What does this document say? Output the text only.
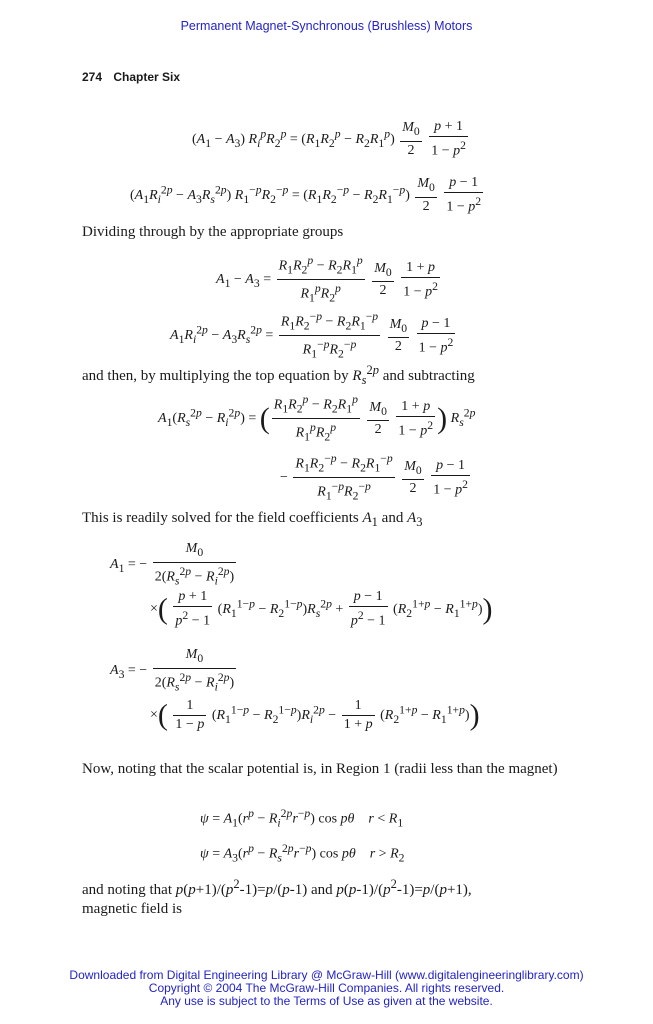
Permanent Magnet-Synchronous (Brushless) Motors
274 Chapter Six
$(A_1 - A_3) R_i^pR_2^p = (R_1R_2^p - R_2R_1^p) \frac{M_0}{2}$
$\frac{p + 1}{1 - p^2}$
$(A_1R_i^{2p} - A_3R_s^{2p}) R_1^{-p}R_2^{-p} = (R_1R_2^{-p} - R_2R_1^{-p}) \frac{M_0}{2}$
$\frac{p - 1}{1 - p^2}$
Dividing through by the appropriate groups
$A_1 - A_3 = \frac{R_1R_2^p - R_2R_1^p}{R_1^pR_2^p}$
$\frac{M_0}{2}$
$\frac{1 + p}{1 - p^2}$
$A_1R_i^{2p} - A_3R_s^{2p} = \frac{R_1R_2^{-p} - R_2R_1^{-p}}{R_1^{-p}R_2^{-p}}$
$\frac{M_0}{2}$
$\frac{p - 1}{1 - p^2}$
and then, by multiplying the top equation by $R_s^{2p}$ and subtracting
$A_1(R_s^{2p} - R_i^{2p})$ = ( $\frac{R_1R_2^p - R_2R_1^p}{R_1^pR_2^p}$
$\frac{M_0}{2}$
$\frac{1 + p}{1 - p^2}$ ) $R_s^{2p}$
− $\frac{R_1R_2^{-p} - R_2R_1^{-p}}{R_1^{-p}R_2^{-p}}$
$\frac{M_0}{2}$
$\frac{p - 1}{1 - p^2}$
This is readily solved for the field coefficients $A_1$ and $A_3$
$A_1$ = − $\frac{M_0}{2(R_s^{2p} - R_i^{2p})}$
×( $\frac{p + 1}{p^2 - 1} (R_1^{1-p} - R_2^{1-p})R_s^{2p} + \frac{p - 1}{p^2 - 1} (R_2^{1+p} - R_1^{1+p})$)
$A_3$ = − $\frac{M_0}{2(R_s^{2p} - R_i^{2p})}$
×( $\frac{1}{1 - p} (R_1^{1-p} - R_2^{1-p})R_i^{2p} - \frac{1}{1 + p} (R_2^{1+p} - R_1^{1+p})$)
Now, noting that the scalar potential is, in Region 1 (radii less than the magnet)
$\psi = A_1(r^p - R_i^{2p}r^{-p})$ cos pθ $r < R_1$
$\psi = A_3(r^p - R_s^{2p}r^{-p})$ cos pθ $r > R_2$
and noting that $p(p+1)/(p^2-1)=p/(p-1)$ and $p(p-1)/(p^2-1)=p/(p+1)$,
magnetic field is
Downloaded from Digital Engineering Library @ McGraw-Hill (www.digitalengineeringlibrary.com)
Copyright © 2004 The McGraw-Hill Companies. All rights reserved.
Any use is subject to the Terms of Use as given at the website.
